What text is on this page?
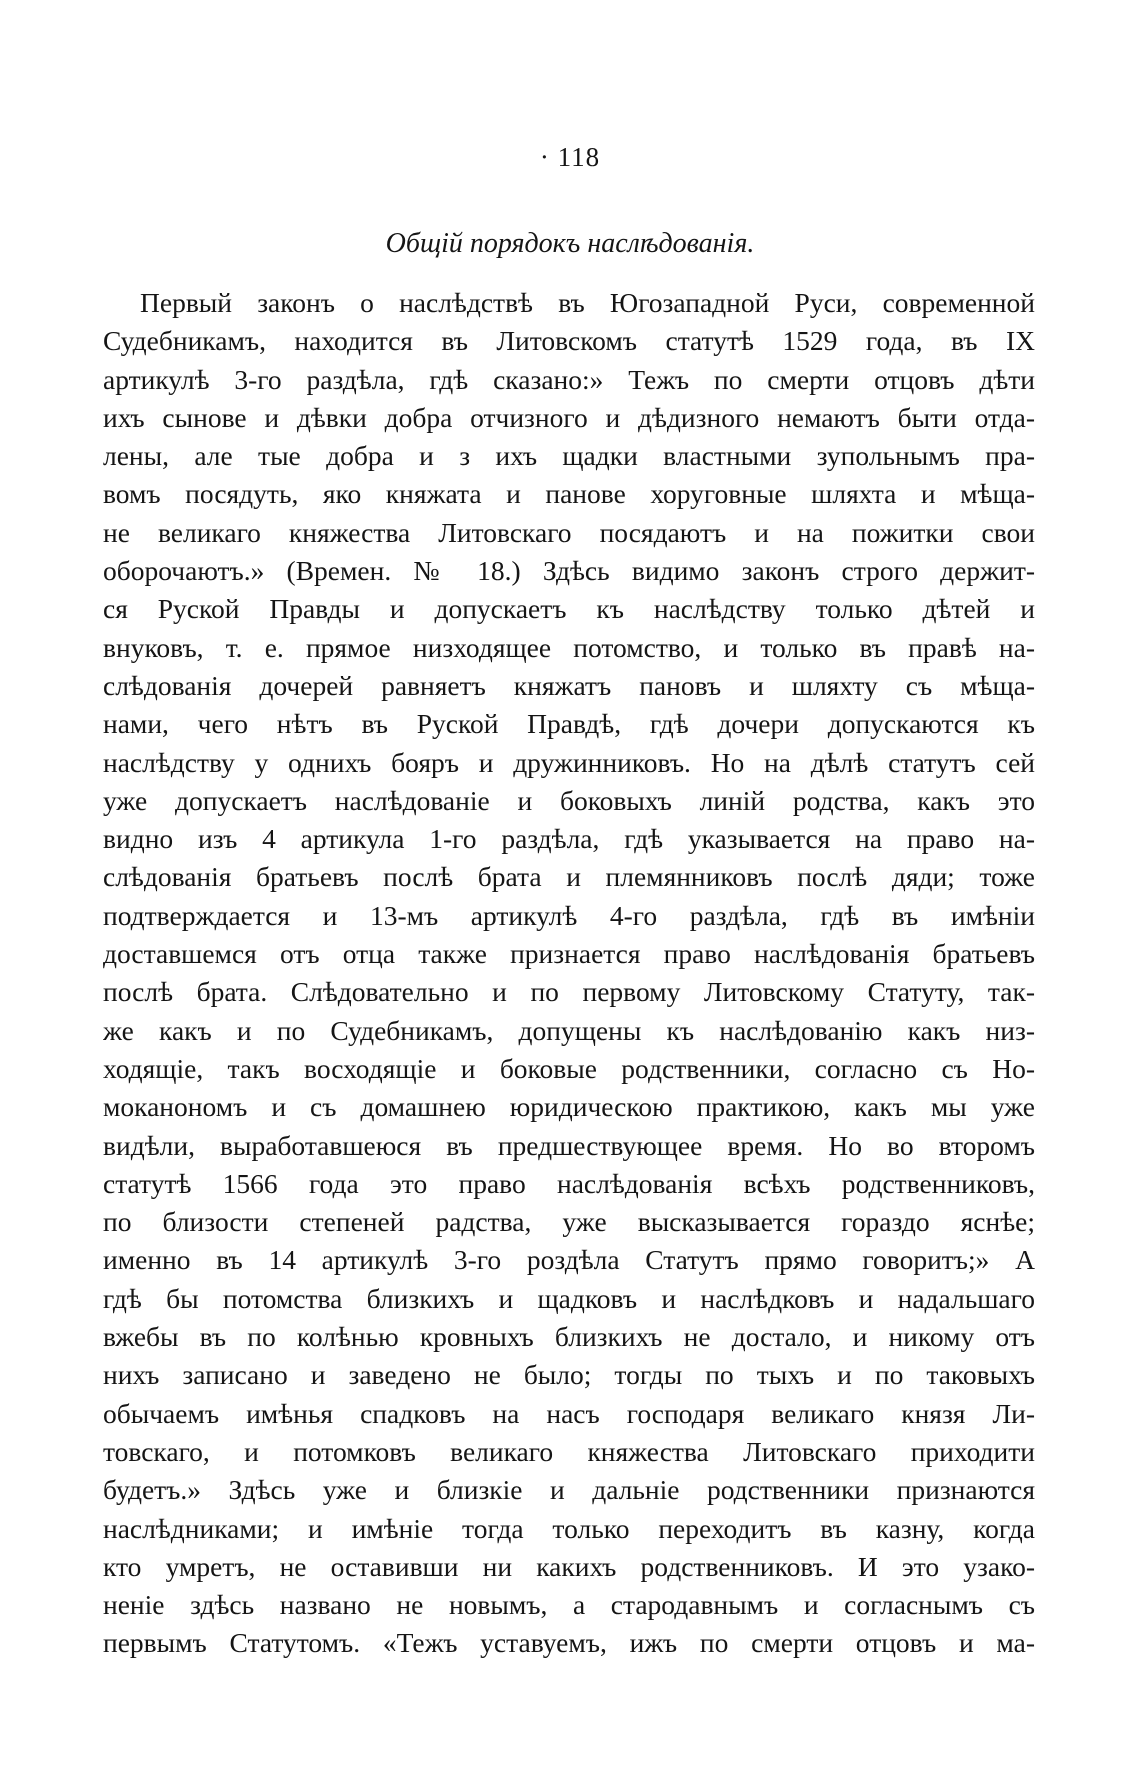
· 118
Общій порядокъ наслѣдованія.
Первый законъ о наслѣдствѣ въ Югозападной Руси, современной
Судебникамъ, находится въ Литовскомъ статутѣ 1529 года, въ IX
артикулѣ 3-го раздѣла, гдѣ сказано:» Тежъ по смерти отцовъ дѣти
ихъ сынове и дѣвки добра отчизного и дѣдизного немаютъ быти отда-
лены, але тые добра и з ихъ щадки властными зупольнымъ пра-
вомъ посядуть, яко княжата и панове хоруговные шляхта и мѣща-
не великаго княжества Литовскаго посядаютъ и на пожитки свои
оборочаютъ.» (Времен. № 18.) Здѣсь видимо законъ строго держит-
ся Руской Правды и допускаетъ къ наслѣдству только дѣтей и
внуковъ, т. е. прямое низходящее потомство, и только въ правѣ на-
слѣдованія дочерей равняетъ княжатъ пановъ и шляхту съ мѣща-
нами, чего нѣтъ въ Руской Правдѣ, гдѣ дочери допускаются къ
наслѣдству у однихъ бояръ и дружинниковъ. Но на дѣлѣ статутъ сей
уже допускаетъ наслѣдованіе и боковыхъ линій родства, какъ это
видно изъ 4 артикула 1-го раздѣла, гдѣ указывается на право на-
слѣдованія братьевъ послѣ брата и племянниковъ послѣ дяди; тоже
подтверждается и 13-мъ артикулѣ 4-го раздѣла, гдѣ въ имѣніи
доставшемся отъ отца также признается право наслѣдованія братьевъ
послѣ брата. Слѣдовательно и по первому Литовскому Статуту, так-
же какъ и по Судебникамъ, допущены къ наслѣдованію какъ низ-
ходящіе, такъ восходящіе и боковые родственники, согласно съ Но-
моканономъ и съ домашнею юридическою практикою, какъ мы уже
видѣли, выработавшеюся въ предшествующее время. Но во второмъ
статутѣ 1566 года это право наслѣдованія всѣхъ родственниковъ,
по близости степеней радства, уже высказывается гораздо яснѣе;
именно въ 14 артикулѣ 3-го роздѣла Статутъ прямо говоритъ;» А
гдѣ бы потомства близкихъ и щадковъ и наслѣдковъ и надальшаго
вжебы въ по колѣнью кровныхъ близкихъ не достало, и никому отъ
нихъ записано и заведено не было; тогды по тыхъ и по таковыхъ
обычаемъ имѣнья спадковъ на насъ господаря великаго князя Ли-
товскаго, и потомковъ великаго княжества Литовскаго приходити
будетъ.» Здѣсь уже и близкіе и дальніе родственники признаются
наслѣдниками; и имѣніе тогда только переходитъ въ казну, когда
кто умретъ, не оставивши ни какихъ родственниковъ. И это узако-
неніе здѣсь названо не новымъ, а стародавнымъ и согласнымъ съ
первымъ Статутомъ. «Тежъ уставуемъ, ижъ по смерти отцовъ и ма-
